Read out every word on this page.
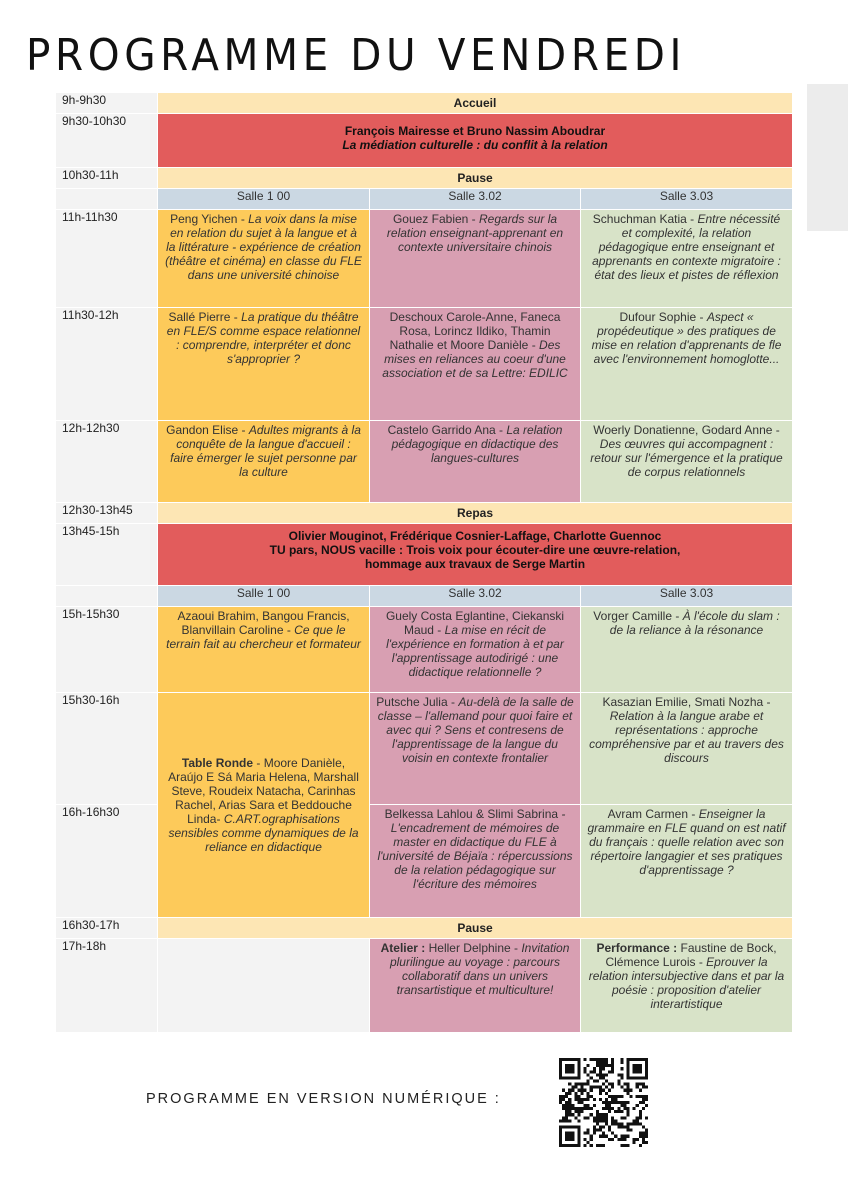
PROGRAMME DU VENDREDI
9h-9h30	Accueil		
9h30-10h30	François Mairesse et Bruno Nassim Aboudrar
La médiation culturelle : du conflit à la relation		

10h30-11h	Pause		
	Salle 1 00	Salle 3.02	Salle 3.03
11h-11h30	Peng Yichen - La voix dans la mise en relation du sujet à la langue et à la littérature - expérience de création (théâtre et cinéma) en classe du FLE dans une université chinoise	Gouez Fabien - Regards sur la relation enseignant-apprenant en contexte universitaire chinois	Schuchman Katia - Entre nécessité et complexité, la relation pédagogique entre enseignant et apprenants en contexte migratoire : état des lieux et pistes de réflexion
11h30-12h	Sallé Pierre - La pratique du théâtre en FLE/S comme espace relationnel : comprendre, interpréter et donc s'approprier ?	Deschoux Carole-Anne, Faneca Rosa, Lorincz Ildiko, Thamin Nathalie et Moore Danièle - Des mises en reliances au coeur d'une association et de sa Lettre: EDILIC	Dufour Sophie - Aspect « propédeutique » des pratiques de mise en relation d'apprenants de fle avec l'environnement homoglotte...
12h-12h30	Gandon Elise - Adultes migrants à la conquête de la langue d'accueil : faire émerger le sujet personne par la culture	Castelo Garrido Ana - La relation pédagogique en didactique des langues-cultures	Woerly Donatienne, Godard Anne - Des œuvres qui accompagnent : retour sur l'émergence et la pratique de corpus relationnels
12h30-13h45	Repas		
13h45-15h	Olivier Mouginot, Frédérique Cosnier-Laffage, Charlotte Guennoc
TU pars, NOUS vacille : Trois voix pour écouter-dire une œuvre-relation,
hommage aux travaux de Serge Martin		

	Salle 1 00	Salle 3.02	Salle 3.03
15h-15h30	Azaoui Brahim, Bangou Francis, Blanvillain Caroline - Ce que le terrain fait au chercheur et formateur	Guely Costa Eglantine, Ciekanski Maud - La mise en récit de l'expérience en formation à et par l'apprentissage autodirigé : une didactique relationnelle ?	Vorger Camille - À l'école du slam : de la reliance à la résonance
15h30-16h	Table Ronde - Moore Danièle, Araújo E Sá Maria Helena, Marshall Steve, Roudeix Natacha, Carinhas Rachel, Arias Sara et Beddouche Linda- C.ART.ographisations sensibles comme dynamiques de la reliance en didactique	Putsche Julia - Au-delà de la salle de classe – l'allemand pour quoi faire et avec qui ? Sens et contresens de l'apprentissage de la langue du voisin en contexte frontalier	Kasazian Emilie, Smati Nozha - Relation à la langue arabe et représentations : approche compréhensive par et au travers des discours
16h-16h30		Belkessa Lahlou & Slimi Sabrina - L'encadrement de mémoires de master en didactique du FLE à l'université de Béjaïa : répercussions de la relation pédagogique sur l'écriture des mémoires	Avram Carmen - Enseigner la grammaire en FLE quand on est natif du français : quelle relation avec son répertoire langagier et ses pratiques d'apprentissage ?
16h30-17h	Pause		
17h-18h		Atelier : Heller Delphine - Invitation plurilingue au voyage : parcours collaboratif dans un univers transartistique et multiculture!	Performance : Faustine de Bock, Clémence Lurois - Eprouver la relation intersubjective dans et par la poésie : proposition d'atelier interartistique
PROGRAMME EN VERSION NUMÉRIQUE :
